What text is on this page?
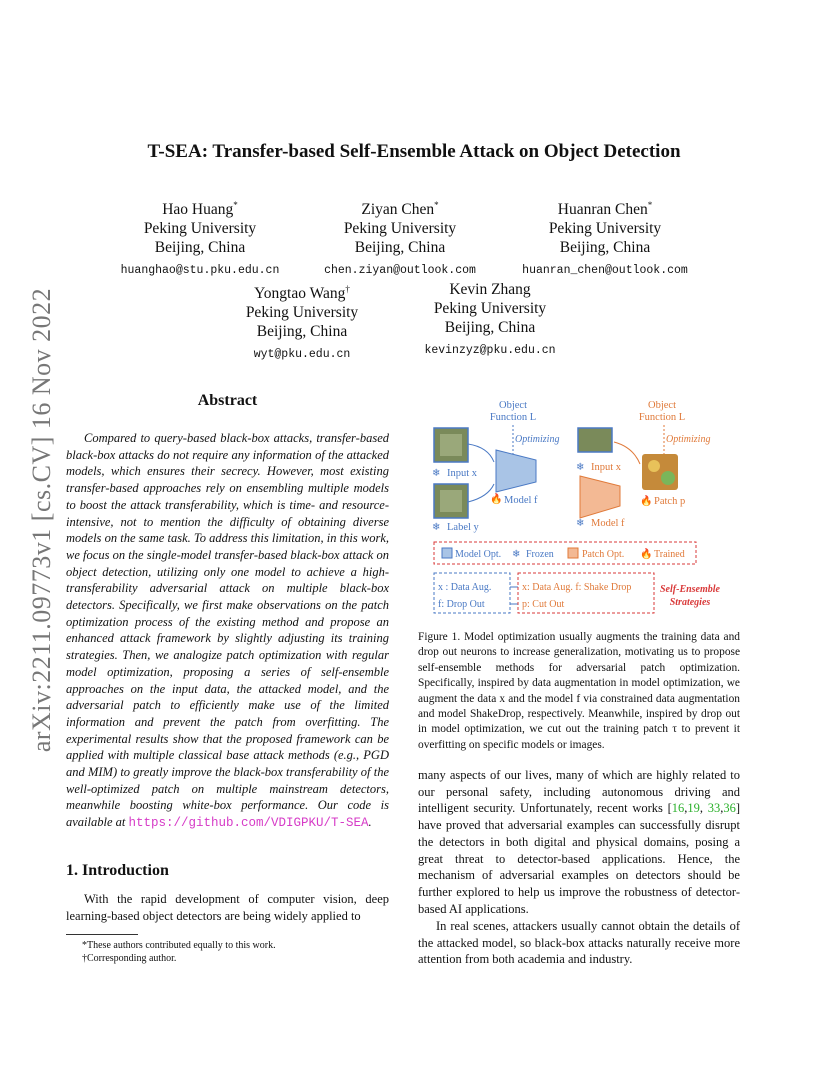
arXiv:2211.09773v1 [cs.CV] 16 Nov 2022
T-SEA: Transfer-based Self-Ensemble Attack on Object Detection
Hao Huang*
Peking University
Beijing, China
huanghao@stu.pku.edu.cn
Ziyan Chen*
Peking University
Beijing, China
chen.ziyan@outlook.com
Huanran Chen*
Peking University
Beijing, China
huanran_chen@outlook.com
Yongtao Wang†
Peking University
Beijing, China
wyt@pku.edu.cn
Kevin Zhang
Peking University
Beijing, China
kevinzyz@pku.edu.cn
Abstract
Compared to query-based black-box attacks, transfer-based black-box attacks do not require any information of the attacked models, which ensures their secrecy. However, most existing transfer-based approaches rely on ensembling multiple models to boost the attack transferability, which is time- and resource-intensive, not to mention the difficulty of obtaining diverse models on the same task. To address this limitation, in this work, we focus on the single-model transfer-based black-box attack on object detection, utilizing only one model to achieve a high-transferability adversarial attack on multiple black-box detectors. Specifically, we first make observations on the patch optimization process of the existing method and propose an enhanced attack framework by slightly adjusting its training strategies. Then, we analogize patch optimization with regular model optimization, proposing a series of self-ensemble approaches on the input data, the attacked model, and the adversarial patch to efficiently make use of the limited information and prevent the patch from overfitting. The experimental results show that the proposed framework can be applied with multiple classical base attack methods (e.g., PGD and MIM) to greatly improve the black-box transferability of the well-optimized patch on multiple mainstream detectors, meanwhile boosting white-box performance. Our code is available at https://github.com/VDIGPKU/T-SEA.
1. Introduction
With the rapid development of computer vision, deep learning-based object detectors are being widely applied to
*These authors contributed equally to this work.
†Corresponding author.
Object
Function L
Optimizing
❄ Input x
❄ Label y
🔥 Model f
Object
Function L
Optimizing
❄ Input x
❄ Model f
🔥 Patch p
Model Opt. ❄ Frozen	Patch Opt. 🔥 Trained
x : Data Aug.
f: Drop Out
x: Data Aug. f: Shake Drop
p: Cut Out
Self-Ensemble
Strategies
Figure 1. Model optimization usually augments the training data and drop out neurons to increase generalization, motivating us to propose self-ensemble methods for adversarial patch optimization. Specifically, inspired by data augmentation in model optimization, we augment the data x and the model f via constrained data augmentation and model ShakeDrop, respectively. Meanwhile, inspired by drop out in model optimization, we cut out the training patch τ to prevent it overfitting on specific models or images.
many aspects of our lives, many of which are highly related to our personal safety, including autonomous driving and intelligent security. Unfortunately, recent works [16,19, 33,36] have proved that adversarial examples can successfully disrupt the detectors in both digital and physical domains, posing a great threat to detector-based applications. Hence, the mechanism of adversarial examples on detectors should be further explored to help us improve the robustness of detector-based AI applications.
In real scenes, attackers usually cannot obtain the details of the attacked model, so black-box attacks naturally receive more attention from both academia and industry.
